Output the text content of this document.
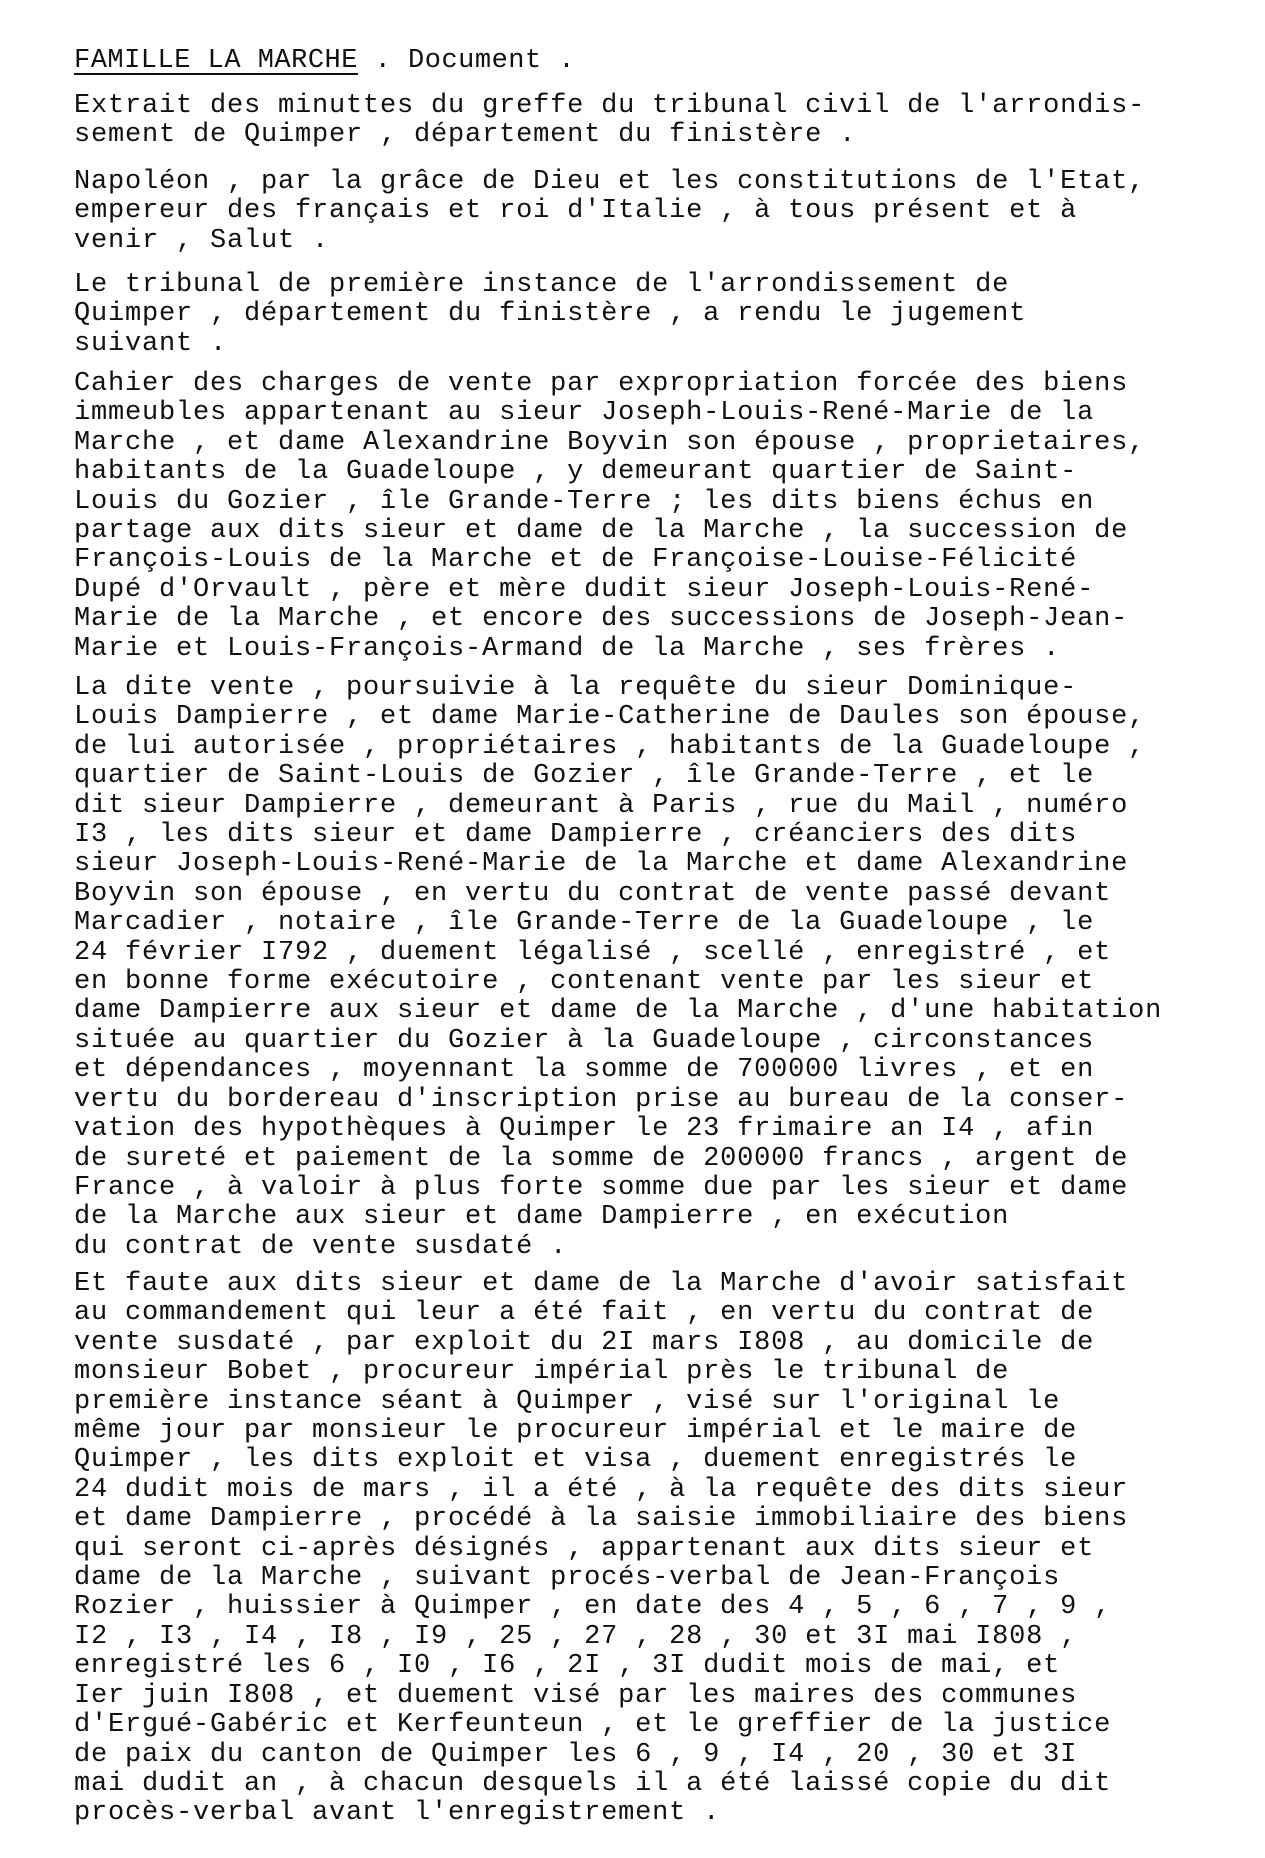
FAMILLE LA MARCHE . Document .
Extrait des minuttes du greffe du tribunal civil de l'arrondis-
sement de Quimper , département du finistère .
Napoléon , par la grâce de Dieu et les constitutions de l'Etat,
empereur des français et roi d'Italie , à tous présent et à
venir , Salut .
Le tribunal de première instance de l'arrondissement de
Quimper , département du finistère , a rendu le jugement
suivant .
Cahier des charges de vente par expropriation forcée des biens
immeubles appartenant au sieur Joseph-Louis-René-Marie de la
Marche , et dame Alexandrine Boyvin son épouse , proprietaires,
habitants de la Guadeloupe , y demeurant quartier de Saint-
Louis du Gozier , île Grande-Terre ; les dits biens échus en
partage aux dits sieur et dame de la Marche , la succession de
François-Louis de la Marche et de Françoise-Louise-Félicité
Dupé d'Orvault , père et mère dudit sieur Joseph-Louis-René-
Marie de la Marche , et encore des successions de Joseph-Jean-
Marie et Louis-François-Armand de la Marche , ses frères .
La dite vente , poursuivie à la requête du sieur Dominique-
Louis Dampierre , et dame Marie-Catherine de Daules son épouse,
de lui autorisée , propriétaires , habitants de la Guadeloupe ,
quartier de Saint-Louis de Gozier , île Grande-Terre , et le
dit sieur Dampierre , demeurant à Paris , rue du Mail , numéro
I3 , les dits sieur et dame Dampierre , créanciers des dits
sieur Joseph-Louis-René-Marie de la Marche et dame Alexandrine
Boyvin son épouse , en vertu du contrat de vente passé devant
Marcadier , notaire , île Grande-Terre de la Guadeloupe , le
24 février I792 , duement légalisé , scellé , enregistré , et
en bonne forme exécutoire , contenant vente par les sieur et
dame Dampierre aux sieur et dame de la Marche , d'une habitation
située au quartier du Gozier à la Guadeloupe , circonstances
et dépendances , moyennant la somme de 700000 livres , et en
vertu du bordereau d'inscription prise au bureau de la conser-
vation des hypothèques à Quimper le 23 frimaire an I4 , afin
de sureté et paiement de la somme de 200000 francs , argent de
France , à valoir à plus forte somme due par les sieur et dame
de la Marche aux sieur et dame Dampierre , en exécution
du contrat de vente susdaté .
Et faute aux dits sieur et dame de la Marche d'avoir satisfait
au commandement qui leur a été fait , en vertu du contrat de
vente susdaté , par exploit du 2I mars I808 , au domicile de
monsieur Bobet , procureur impérial près le tribunal de
première instance séant à Quimper , visé sur l'original le
même jour par monsieur le procureur impérial et le maire de
Quimper , les dits exploit et visa , duement enregistrés le
24 dudit mois de mars , il a été , à la requête des dits sieur
et dame Dampierre , procédé à la saisie immobiliaire des biens
qui seront ci-après désignés , appartenant aux dits sieur et
dame de la Marche , suivant procés-verbal de Jean-François
Rozier , huissier à Quimper , en date des 4 , 5 , 6 , 7 , 9 ,
I2 , I3 , I4 , I8 , I9 , 25 , 27 , 28 , 30 et 3I mai I808 ,
enregistré les 6 , I0 , I6 , 2I , 3I dudit mois de mai, et
Ier juin I808 , et duement visé par les maires des communes
d'Ergué-Gabéric et Kerfeunteun , et le greffier de la justice
de paix du canton de Quimper les 6 , 9 , I4 , 20 , 30 et 3I
mai dudit an , à chacun desquels il a été laissé copie du dit
procès-verbal avant l'enregistrement .
